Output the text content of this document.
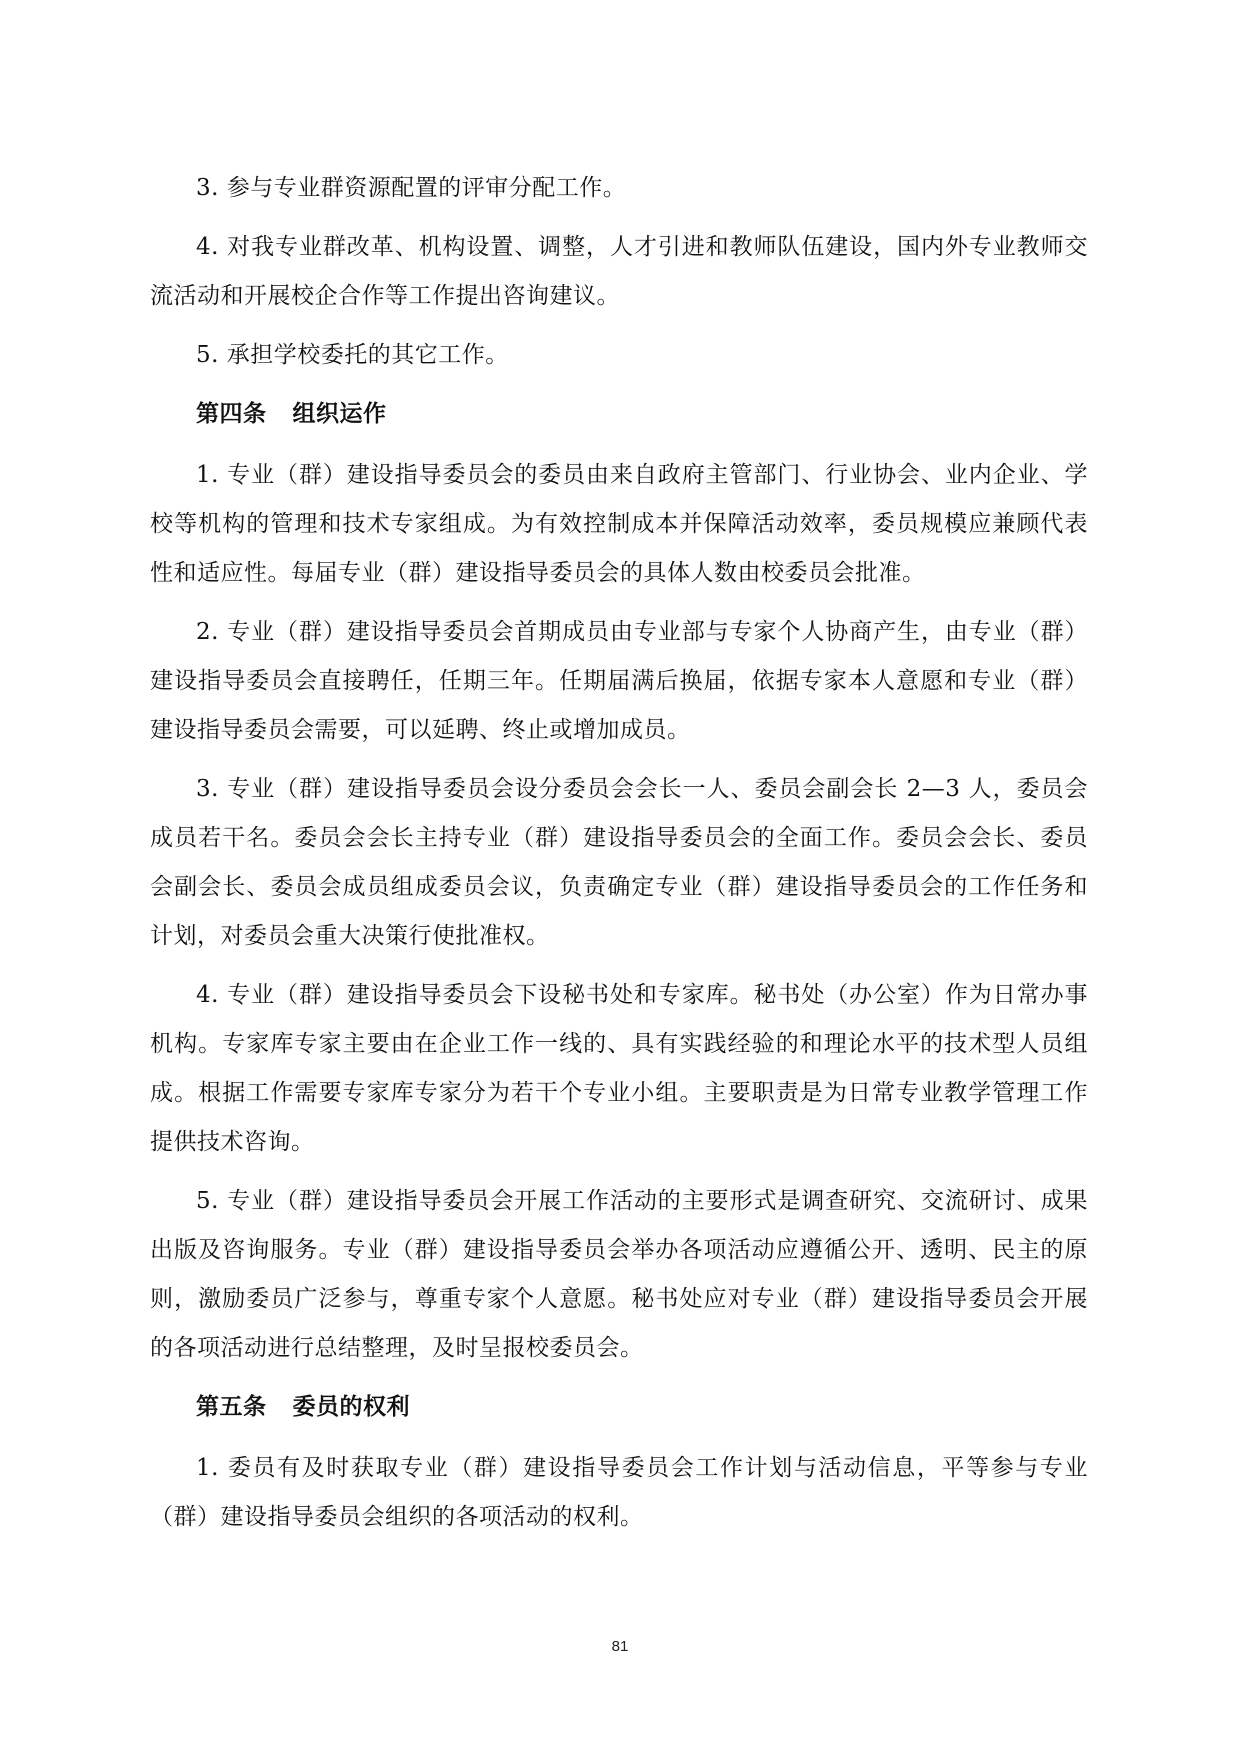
3. 参与专业群资源配置的评审分配工作。

4. 对我专业群改革、机构设置、调整，人才引进和教师队伍建设，国内外专业教师交流活动和开展校企合作等工作提出咨询建议。

5. 承担学校委托的其它工作。

第四条 组织运作

1. 专业（群）建设指导委员会的委员由来自政府主管部门、行业协会、业内企业、学校等机构的管理和技术专家组成。为有效控制成本并保障活动效率，委员规模应兼顾代表性和适应性。每届专业（群）建设指导委员会的具体人数由校委员会批准。

2. 专业（群）建设指导委员会首期成员由专业部与专家个人协商产生，由专业（群）建设指导委员会直接聘任，任期三年。任期届满后换届，依据专家本人意愿和专业（群）建设指导委员会需要，可以延聘、终止或增加成员。

3. 专业（群）建设指导委员会设分委员会会长一人、委员会副会长 2—3 人，委员会成员若干名。委员会会长主持专业（群）建设指导委员会的全面工作。委员会会长、委员会副会长、委员会成员组成委员会议，负责确定专业（群）建设指导委员会的工作任务和计划，对委员会重大决策行使批准权。

4. 专业（群）建设指导委员会下设秘书处和专家库。秘书处（办公室）作为日常办事机构。专家库专家主要由在企业工作一线的、具有实践经验的和理论水平的技术型人员组成。根据工作需要专家库专家分为若干个专业小组。主要职责是为日常专业教学管理工作提供技术咨询。

5. 专业（群）建设指导委员会开展工作活动的主要形式是调查研究、交流研讨、成果出版及咨询服务。专业（群）建设指导委员会举办各项活动应遵循公开、透明、民主的原则，激励委员广泛参与，尊重专家个人意愿。秘书处应对专业（群）建设指导委员会开展的各项活动进行总结整理，及时呈报校委员会。

第五条 委员的权利

1. 委员有及时获取专业（群）建设指导委员会工作计划与活动信息，平等参与专业（群）建设指导委员会组织的各项活动的权利。

81
